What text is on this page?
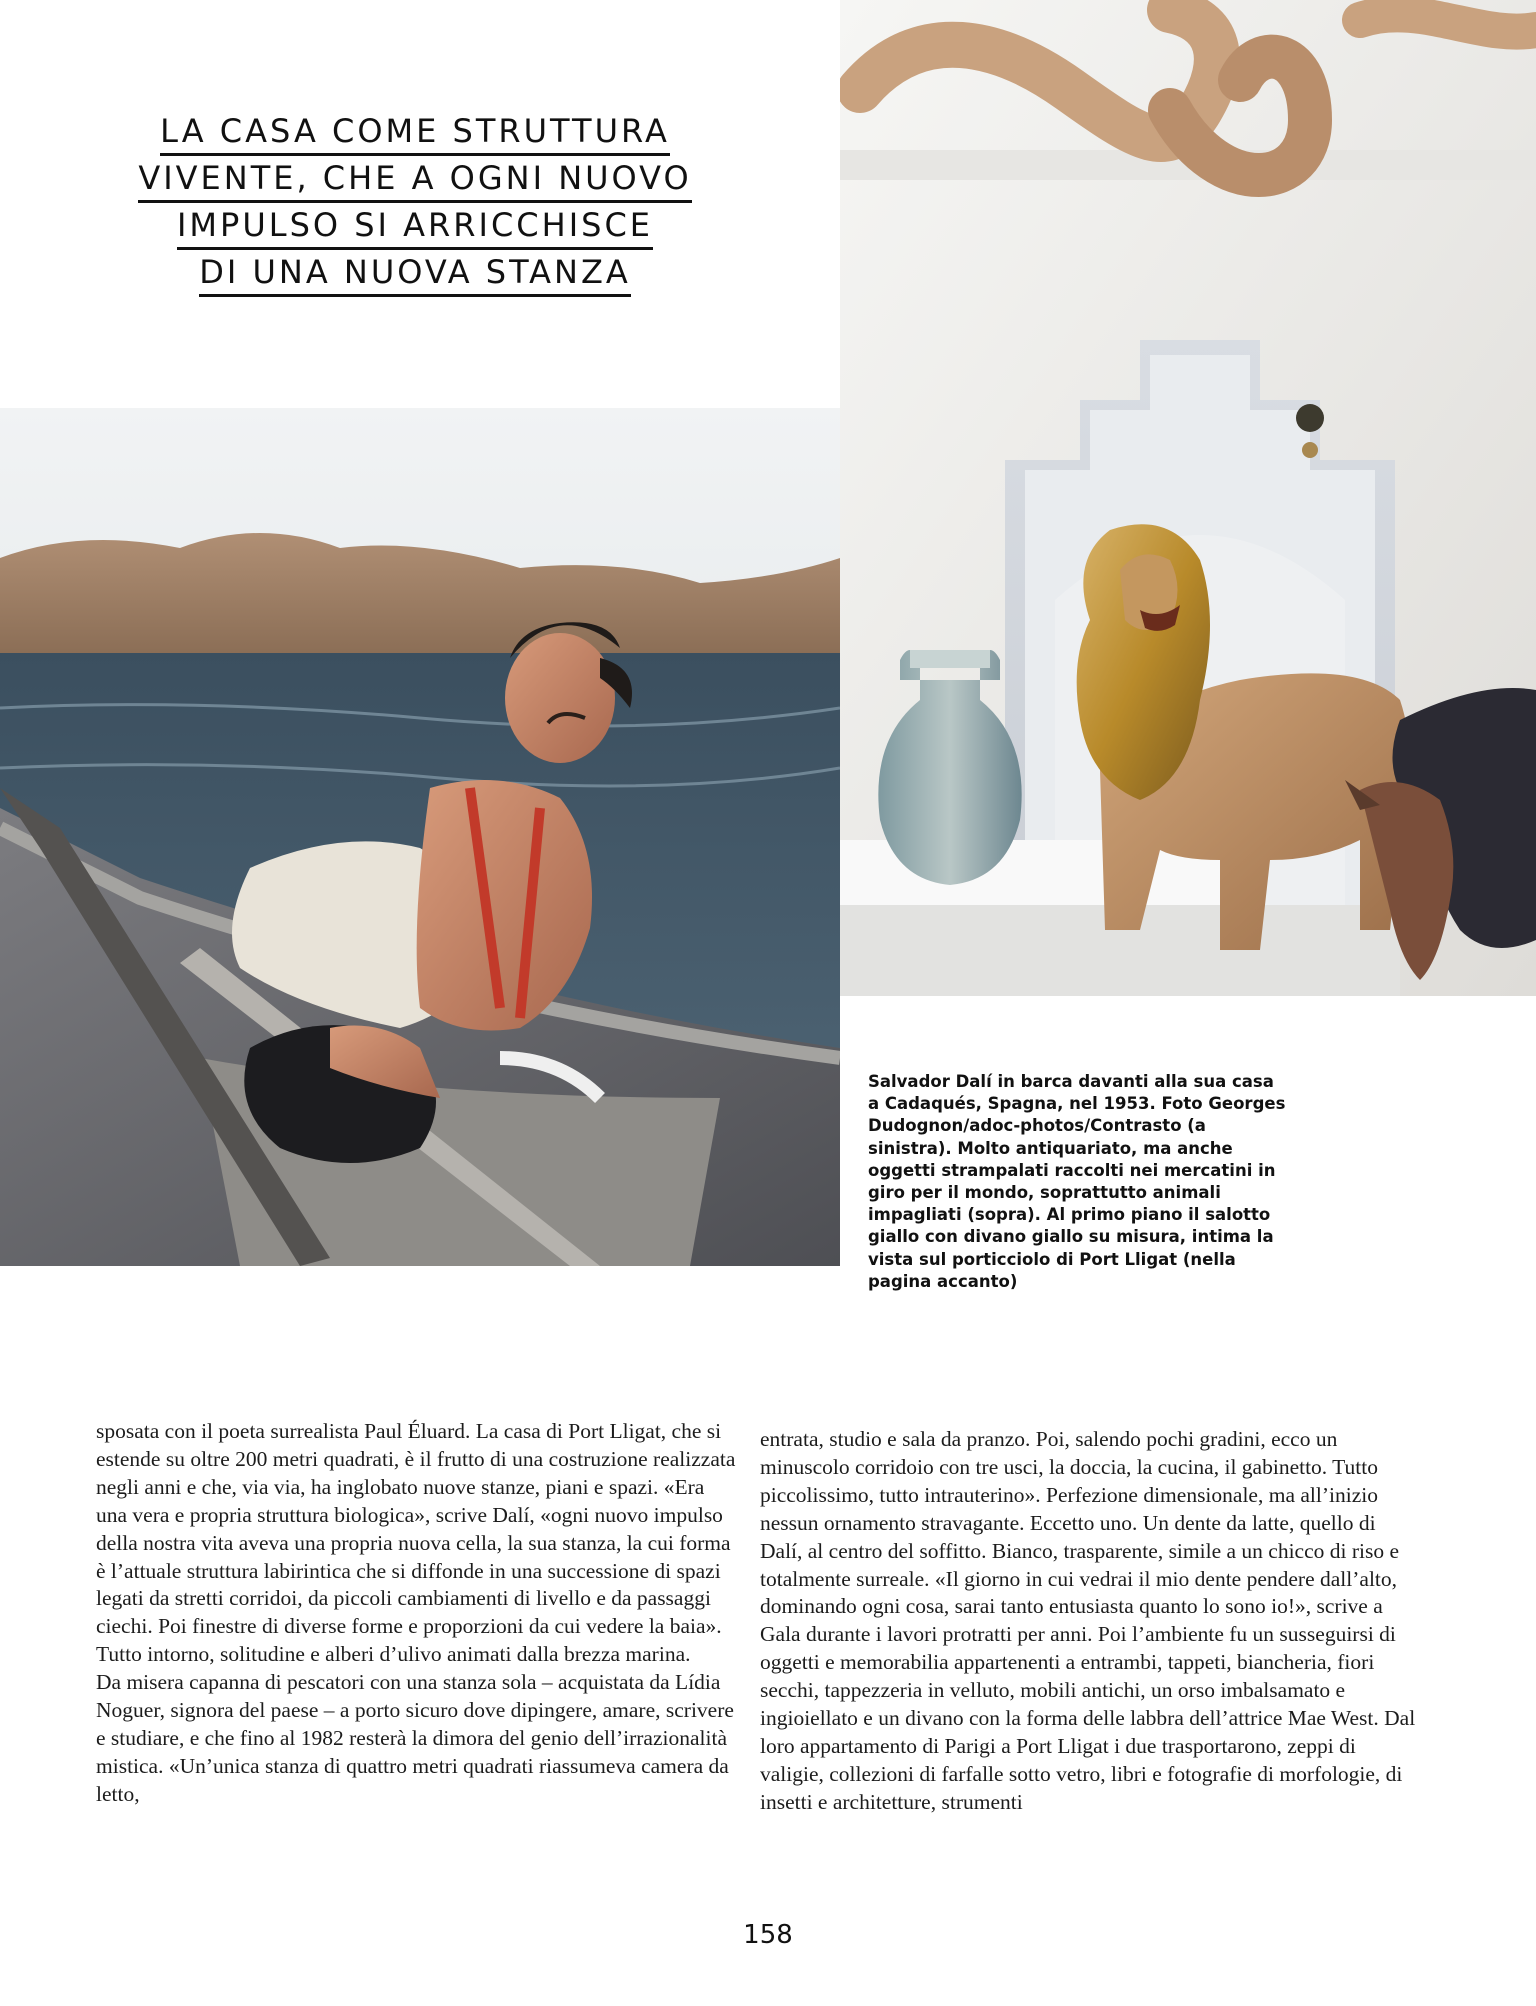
LA CASA COME STRUTTURA
VIVENTE, CHE A OGNI NUOVO
IMPULSO SI ARRICCHISCE
DI UNA NUOVA STANZA
Salvador Dalí in barca davanti alla sua casa a Cadaqués, Spagna, nel 1953. Foto Georges Dudognon/adoc-photos/Contrasto (a sinistra). Molto antiquariato, ma anche oggetti strampalati raccolti nei mercatini in giro per il mondo, soprattutto animali impagliati (sopra). Al primo piano il salotto giallo con divano giallo su misura, intima la vista sul porticciolo di Port Lligat (nella pagina accanto)

sposata con il poeta surrealista Paul Éluard. La casa di Port Lligat, che si estende su oltre 200 metri quadrati, è il frutto di una costruzione realizzata negli anni e che, via via, ha inglobato nuove stanze, piani e spazi. «Era una vera e propria struttura biologica», scrive Dalí, «ogni nuovo impulso della nostra vita aveva una propria nuova cella, la sua stanza, la cui forma è l’attuale struttura labirintica che si diffonde in una successione di spazi legati da stretti corridoi, da piccoli cambiamenti di livello e da passaggi ciechi. Poi finestre di diverse forme e proporzioni da cui vedere la baia». Tutto intorno, solitudine e alberi d’ulivo animati dalla brezza marina.
Da misera capanna di pescatori con una stanza sola – acquistata da Lídia Noguer, signora del paese – a porto sicuro dove dipingere, amare, scrivere e studiare, e che fino al 1982 resterà la dimora del genio dell’irrazionalità mistica. «Un’unica stanza di quattro metri quadrati riassumeva camera da letto,

entrata, studio e sala da pranzo. Poi, salendo pochi gradini, ecco un minuscolo corridoio con tre usci, la doccia, la cucina, il gabinetto. Tutto piccolissimo, tutto intrauterino». Perfezione dimensionale, ma all’inizio nessun ornamento stravagante. Eccetto uno. Un dente da latte, quello di Dalí, al centro del soffitto. Bianco, trasparente, simile a un chicco di riso e totalmente surreale. «Il giorno in cui vedrai il mio dente pendere dall’alto, dominando ogni cosa, sarai tanto entusiasta quanto lo sono io!», scrive a Gala durante i lavori protratti per anni. Poi l’ambiente fu un susseguirsi di oggetti e memorabilia appartenenti a entrambi, tappeti, biancheria, fiori secchi, tappezzeria in velluto, mobili antichi, un orso imbalsamato e ingioiellato e un divano con la forma delle labbra dell’attrice Mae West. Dal loro appartamento di Parigi a Port Lligat i due trasportarono, zeppi di valigie, collezioni di farfalle sotto vetro, libri e fotografie di morfologie, di insetti e architetture, strumenti

158
